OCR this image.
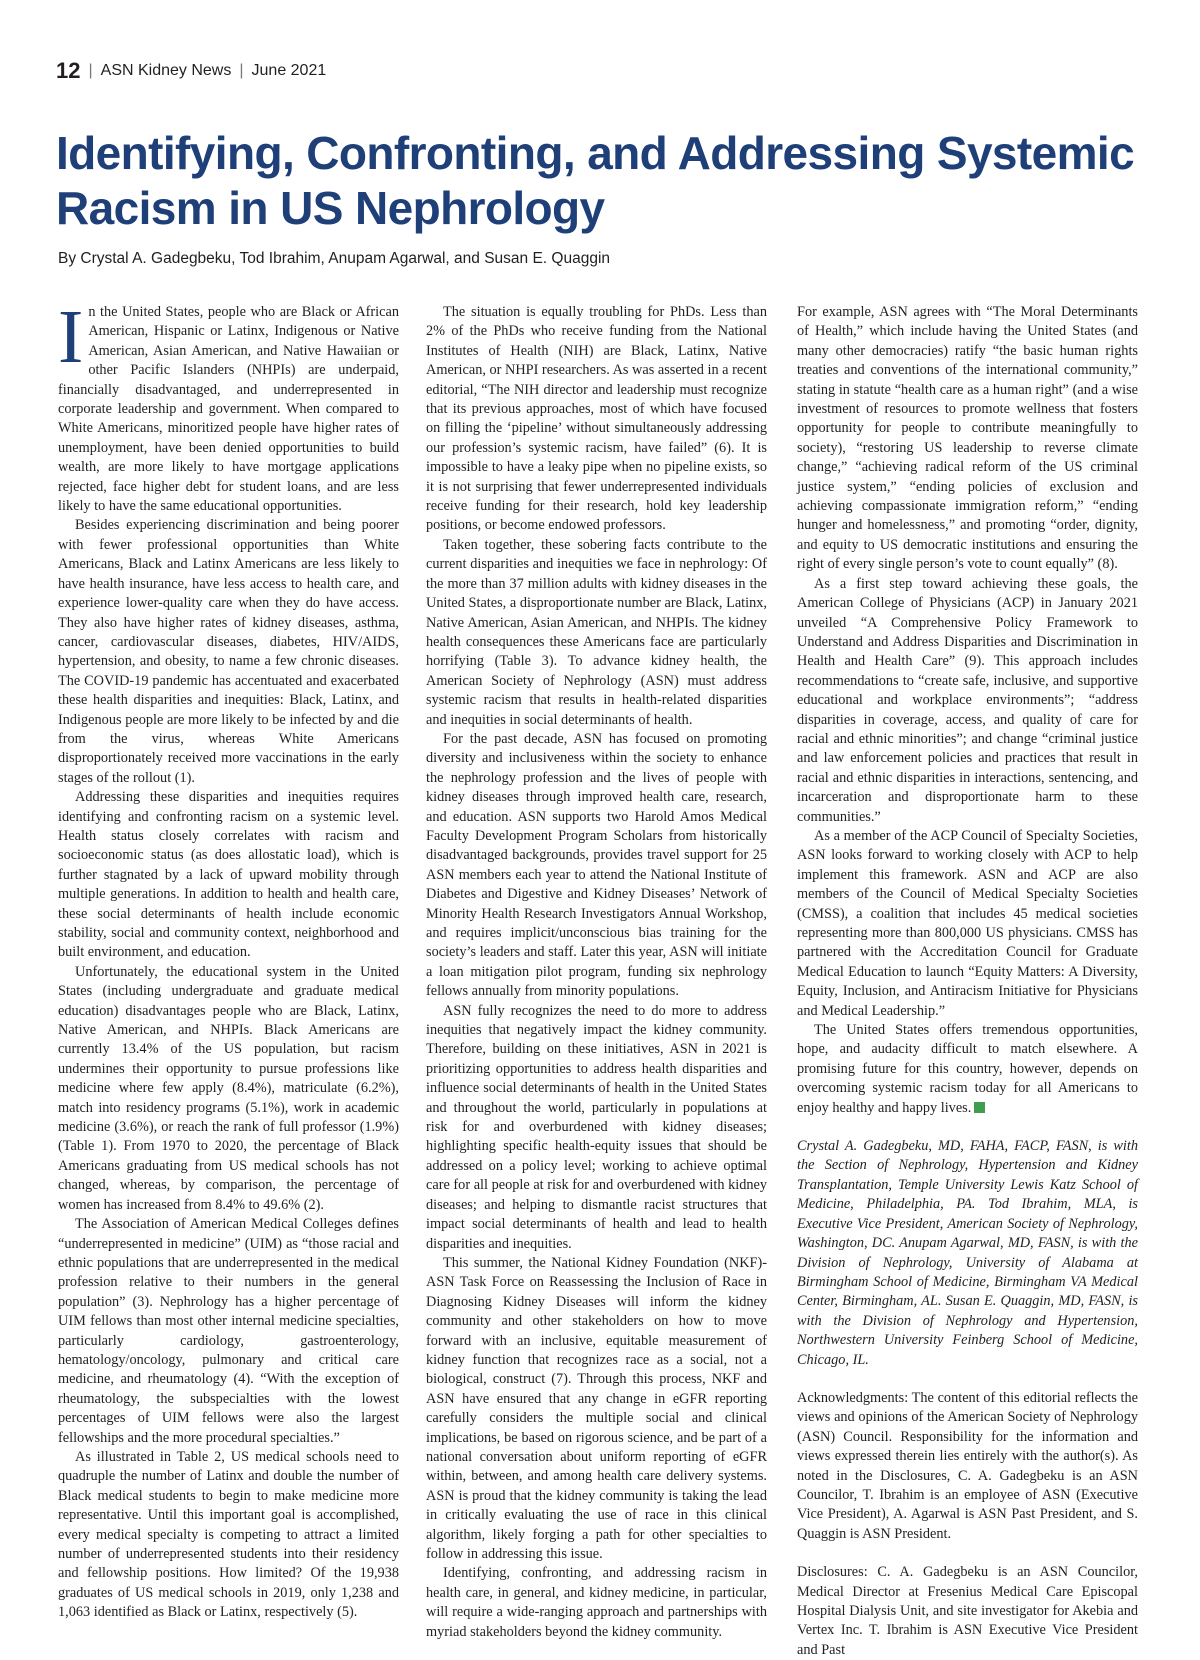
12 | ASN Kidney News | June 2021
Identifying, Confronting, and Addressing Systemic Racism in US Nephrology
By Crystal A. Gadegbeku, Tod Ibrahim, Anupam Agarwal, and Susan E. Quaggin

In the United States, people who are Black or African American, Hispanic or Latinx, Indigenous or Native American, Asian American, and Native Hawaiian or other Pacific Islanders (NHPIs) are underpaid, financially disadvantaged, and underrepresented in corporate leadership and government. When compared to White Americans, minoritized people have higher rates of unemployment, have been denied opportunities to build wealth, are more likely to have mortgage applications rejected, face higher debt for student loans, and are less likely to have the same educational opportunities.

Besides experiencing discrimination and being poorer with fewer professional opportunities than White Americans, Black and Latinx Americans are less likely to have health insurance, have less access to health care, and experience lower-quality care when they do have access. They also have higher rates of kidney diseases, asthma, cancer, cardiovascular diseases, diabetes, HIV/AIDS, hypertension, and obesity, to name a few chronic diseases. The COVID-19 pandemic has accentuated and exacerbated these health disparities and inequities: Black, Latinx, and Indigenous people are more likely to be infected by and die from the virus, whereas White Americans disproportionately received more vaccinations in the early stages of the rollout (1).

Addressing these disparities and inequities requires identifying and confronting racism on a systemic level. Health status closely correlates with racism and socioeconomic status (as does allostatic load), which is further stagnated by a lack of upward mobility through multiple generations. In addition to health and health care, these social determinants of health include economic stability, social and community context, neighborhood and built environment, and education.

Unfortunately, the educational system in the United States (including undergraduate and graduate medical education) disadvantages people who are Black, Latinx, Native American, and NHPIs. Black Americans are currently 13.4% of the US population, but racism undermines their opportunity to pursue professions like medicine where few apply (8.4%), matriculate (6.2%), match into residency programs (5.1%), work in academic medicine (3.6%), or reach the rank of full professor (1.9%) (Table 1). From 1970 to 2020, the percentage of Black Americans graduating from US medical schools has not changed, whereas, by comparison, the percentage of women has increased from 8.4% to 49.6% (2).

The Association of American Medical Colleges defines “underrepresented in medicine” (UIM) as “those racial and ethnic populations that are underrepresented in the medical profession relative to their numbers in the general population” (3). Nephrology has a higher percentage of UIM fellows than most other internal medicine specialties, particularly cardiology, gastroenterology, hematology/oncology, pulmonary and critical care medicine, and rheumatology (4). “With the exception of rheumatology, the subspecialties with the lowest percentages of UIM fellows were also the largest fellowships and the more procedural specialties.”

As illustrated in Table 2, US medical schools need to quadruple the number of Latinx and double the number of Black medical students to begin to make medicine more representative. Until this important goal is accomplished, every medical specialty is competing to attract a limited number of underrepresented students into their residency and fellowship positions. How limited? Of the 19,938 graduates of US medical schools in 2019, only 1,238 and 1,063 identified as Black or Latinx, respectively (5).

The situation is equally troubling for PhDs. Less than 2% of the PhDs who receive funding from the National Institutes of Health (NIH) are Black, Latinx, Native American, or NHPI researchers. As was asserted in a recent editorial, “The NIH director and leadership must recognize that its previous approaches, most of which have focused on filling the ‘pipeline’ without simultaneously addressing our profession’s systemic racism, have failed” (6). It is impossible to have a leaky pipe when no pipeline exists, so it is not surprising that fewer underrepresented individuals receive funding for their research, hold key leadership positions, or become endowed professors.

Taken together, these sobering facts contribute to the current disparities and inequities we face in nephrology: Of the more than 37 million adults with kidney diseases in the United States, a disproportionate number are Black, Latinx, Native American, Asian American, and NHPIs. The kidney health consequences these Americans face are particularly horrifying (Table 3). To advance kidney health, the American Society of Nephrology (ASN) must address systemic racism that results in health-related disparities and inequities in social determinants of health.

For the past decade, ASN has focused on promoting diversity and inclusiveness within the society to enhance the nephrology profession and the lives of people with kidney diseases through improved health care, research, and education. ASN supports two Harold Amos Medical Faculty Development Program Scholars from historically disadvantaged backgrounds, provides travel support for 25 ASN members each year to attend the National Institute of Diabetes and Digestive and Kidney Diseases’ Network of Minority Health Research Investigators Annual Workshop, and requires implicit/unconscious bias training for the society’s leaders and staff. Later this year, ASN will initiate a loan mitigation pilot program, funding six nephrology fellows annually from minority populations.

ASN fully recognizes the need to do more to address inequities that negatively impact the kidney community. Therefore, building on these initiatives, ASN in 2021 is prioritizing opportunities to address health disparities and influence social determinants of health in the United States and throughout the world, particularly in populations at risk for and overburdened with kidney diseases; highlighting specific health-equity issues that should be addressed on a policy level; working to achieve optimal care for all people at risk for and overburdened with kidney diseases; and helping to dismantle racist structures that impact social determinants of health and lead to health disparities and inequities.

This summer, the National Kidney Foundation (NKF)-ASN Task Force on Reassessing the Inclusion of Race in Diagnosing Kidney Diseases will inform the kidney community and other stakeholders on how to move forward with an inclusive, equitable measurement of kidney function that recognizes race as a social, not a biological, construct (7). Through this process, NKF and ASN have ensured that any change in eGFR reporting carefully considers the multiple social and clinical implications, be based on rigorous science, and be part of a national conversation about uniform reporting of eGFR within, between, and among health care delivery systems. ASN is proud that the kidney community is taking the lead in critically evaluating the use of race in this clinical algorithm, likely forging a path for other specialties to follow in addressing this issue.

Identifying, confronting, and addressing racism in health care, in general, and kidney medicine, in particular, will require a wide-ranging approach and partnerships with myriad stakeholders beyond the kidney community.

For example, ASN agrees with “The Moral Determinants of Health,” which include having the United States (and many other democracies) ratify “the basic human rights treaties and conventions of the international community,” stating in statute “health care as a human right” (and a wise investment of resources to promote wellness that fosters opportunity for people to contribute meaningfully to society), “restoring US leadership to reverse climate change,” “achieving radical reform of the US criminal justice system,” “ending policies of exclusion and achieving compassionate immigration reform,” “ending hunger and homelessness,” and promoting “order, dignity, and equity to US democratic institutions and ensuring the right of every single person’s vote to count equally” (8).

As a first step toward achieving these goals, the American College of Physicians (ACP) in January 2021 unveiled “A Comprehensive Policy Framework to Understand and Address Disparities and Discrimination in Health and Health Care” (9). This approach includes recommendations to “create safe, inclusive, and supportive educational and workplace environments”; “address disparities in coverage, access, and quality of care for racial and ethnic minorities”; and change “criminal justice and law enforcement policies and practices that result in racial and ethnic disparities in interactions, sentencing, and incarceration and disproportionate harm to these communities.”

As a member of the ACP Council of Specialty Societies, ASN looks forward to working closely with ACP to help implement this framework. ASN and ACP are also members of the Council of Medical Specialty Societies (CMSS), a coalition that includes 45 medical societies representing more than 800,000 US physicians. CMSS has partnered with the Accreditation Council for Graduate Medical Education to launch “Equity Matters: A Diversity, Equity, Inclusion, and Antiracism Initiative for Physicians and Medical Leadership.”

The United States offers tremendous opportunities, hope, and audacity difficult to match elsewhere. A promising future for this country, however, depends on overcoming systemic racism today for all Americans to enjoy healthy and happy lives.

Crystal A. Gadegbeku, MD, FAHA, FACP, FASN, is with the Section of Nephrology, Hypertension and Kidney Transplantation, Temple University Lewis Katz School of Medicine, Philadelphia, PA. Tod Ibrahim, MLA, is Executive Vice President, American Society of Nephrology, Washington, DC. Anupam Agarwal, MD, FASN, is with the Division of Nephrology, University of Alabama at Birmingham School of Medicine, Birmingham VA Medical Center, Birmingham, AL. Susan E. Quaggin, MD, FASN, is with the Division of Nephrology and Hypertension, Northwestern University Feinberg School of Medicine, Chicago, IL.

Acknowledgments: The content of this editorial reflects the views and opinions of the American Society of Nephrology (ASN) Council. Responsibility for the information and views expressed therein lies entirely with the author(s). As noted in the Disclosures, C. A. Gadegbeku is an ASN Councilor, T. Ibrahim is an employee of ASN (Executive Vice President), A. Agarwal is ASN Past President, and S. Quaggin is ASN President.

Disclosures: C. A. Gadegbeku is an ASN Councilor, Medical Director at Fresenius Medical Care Episcopal Hospital Dialysis Unit, and site investigator for Akebia and Vertex Inc. T. Ibrahim is ASN Executive Vice President and Past
